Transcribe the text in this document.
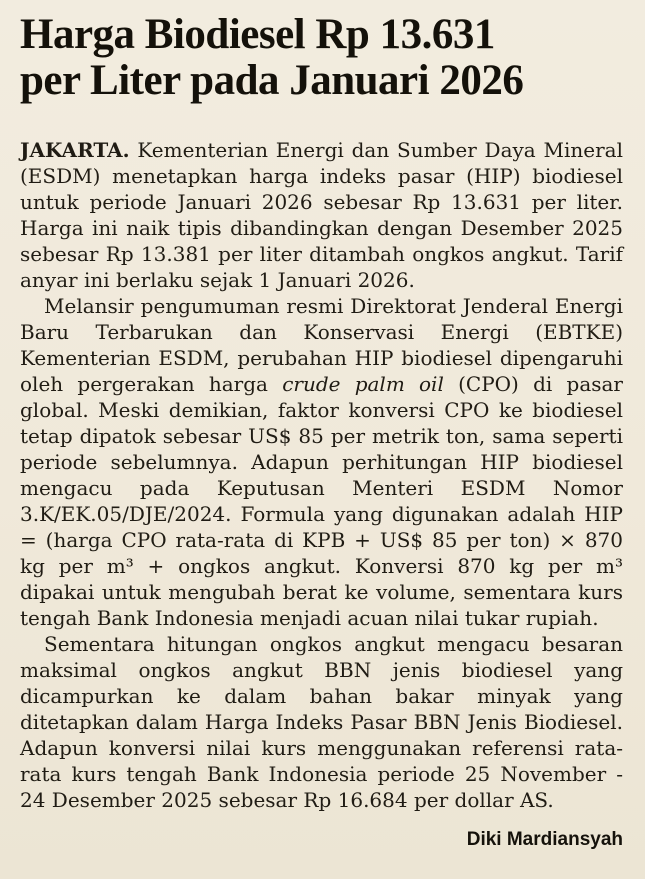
Harga Biodiesel Rp 13.631
per Liter pada Januari 2026

JAKARTA. Kementerian Energi dan Sumber Daya Mineral (ESDM) menetapkan harga indeks pasar (HIP) biodiesel untuk periode Januari 2026 sebesar Rp 13.631 per liter. Harga ini naik tipis dibandingkan dengan Desember 2025 sebesar Rp 13.381 per liter ditambah ongkos angkut. Tarif anyar ini berlaku sejak 1 Januari 2026.

Melansir pengumuman resmi Direktorat Jenderal Energi Baru Terbarukan dan Konservasi Energi (EBTKE) Kementerian ESDM, perubahan HIP biodiesel dipengaruhi oleh pergerakan harga crude palm oil (CPO) di pasar global. Meski demikian, faktor konversi CPO ke biodiesel tetap dipatok sebesar US$ 85 per metrik ton, sama seperti periode sebelumnya. Adapun perhitungan HIP biodiesel mengacu pada Keputusan Menteri ESDM Nomor 3.K/EK.05/DJE/2024. Formula yang digunakan adalah HIP = (harga CPO rata-rata di KPB + US$ 85 per ton) × 870 kg per m³ + ongkos angkut. Konversi 870 kg per m³ dipakai untuk mengubah berat ke volume, sementara kurs tengah Bank Indonesia menjadi acuan nilai tukar rupiah.

Sementara hitungan ongkos angkut mengacu besaran maksimal ongkos angkut BBN jenis biodiesel yang dicampurkan ke dalam bahan bakar minyak yang ditetapkan dalam Harga Indeks Pasar BBN Jenis Biodiesel. Adapun konversi nilai kurs menggunakan referensi rata-rata kurs tengah Bank Indonesia periode 25 November - 24 Desember 2025 sebesar Rp 16.684 per dollar AS.

Diki Mardiansyah
